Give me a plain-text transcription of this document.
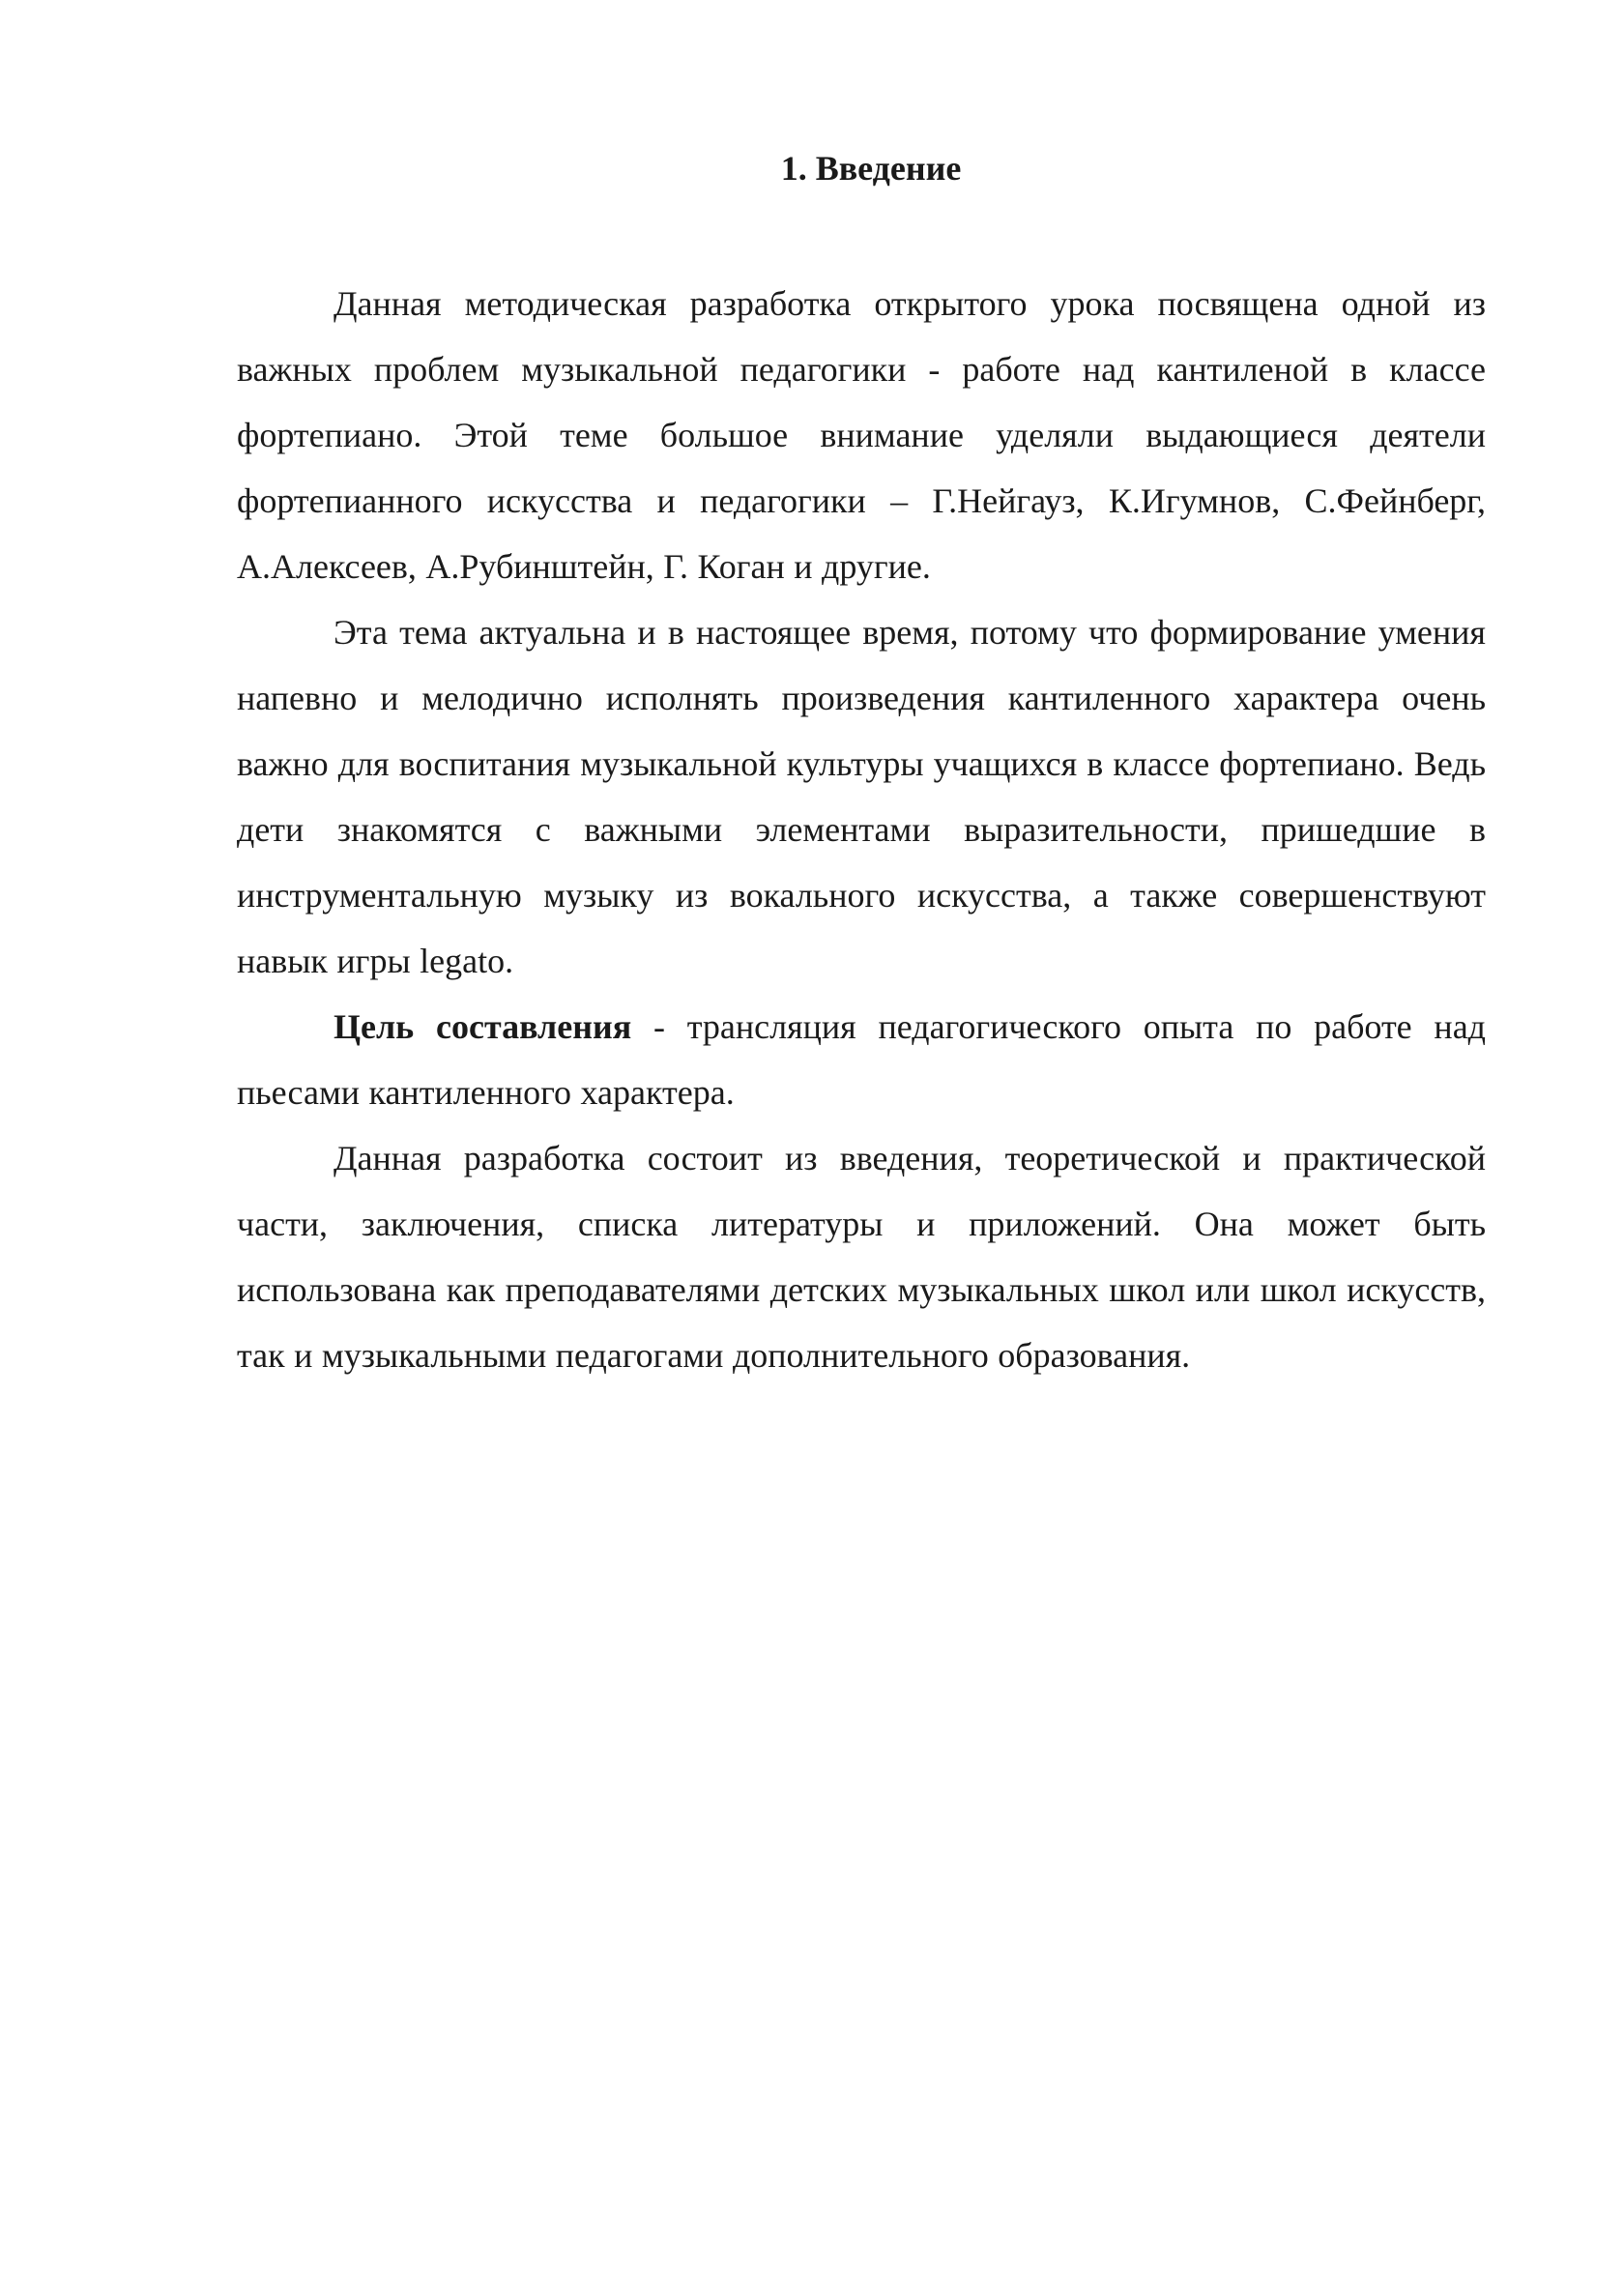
1. Введение

Данная методическая разработка открытого урока посвящена одной из важных проблем музыкальной педагогики - работе над кантиленой в классе фортепиано. Этой теме большое внимание уделяли выдающиеся деятели фортепианного искусства и педагогики – Г.Нейгауз, К.Игумнов, С.Фейнберг, А.Алексеев, А.Рубинштейн, Г. Коган и другие.

Эта тема актуальна и в настоящее время, потому что формирование умения напевно и мелодично исполнять произведения кантиленного характера очень важно для воспитания музыкальной культуры учащихся в классе фортепиано. Ведь дети знакомятся с важными элементами выразительности, пришедшие в инструментальную музыку из вокального искусства, а также совершенствуют навык игры legato.

Цель составления - трансляция педагогического опыта по работе над пьесами кантиленного характера.

Данная разработка состоит из введения, теоретической и практической части, заключения, списка литературы и приложений. Она может быть использована как преподавателями детских музыкальных школ или школ искусств, так и музыкальными педагогами дополнительного образования.
